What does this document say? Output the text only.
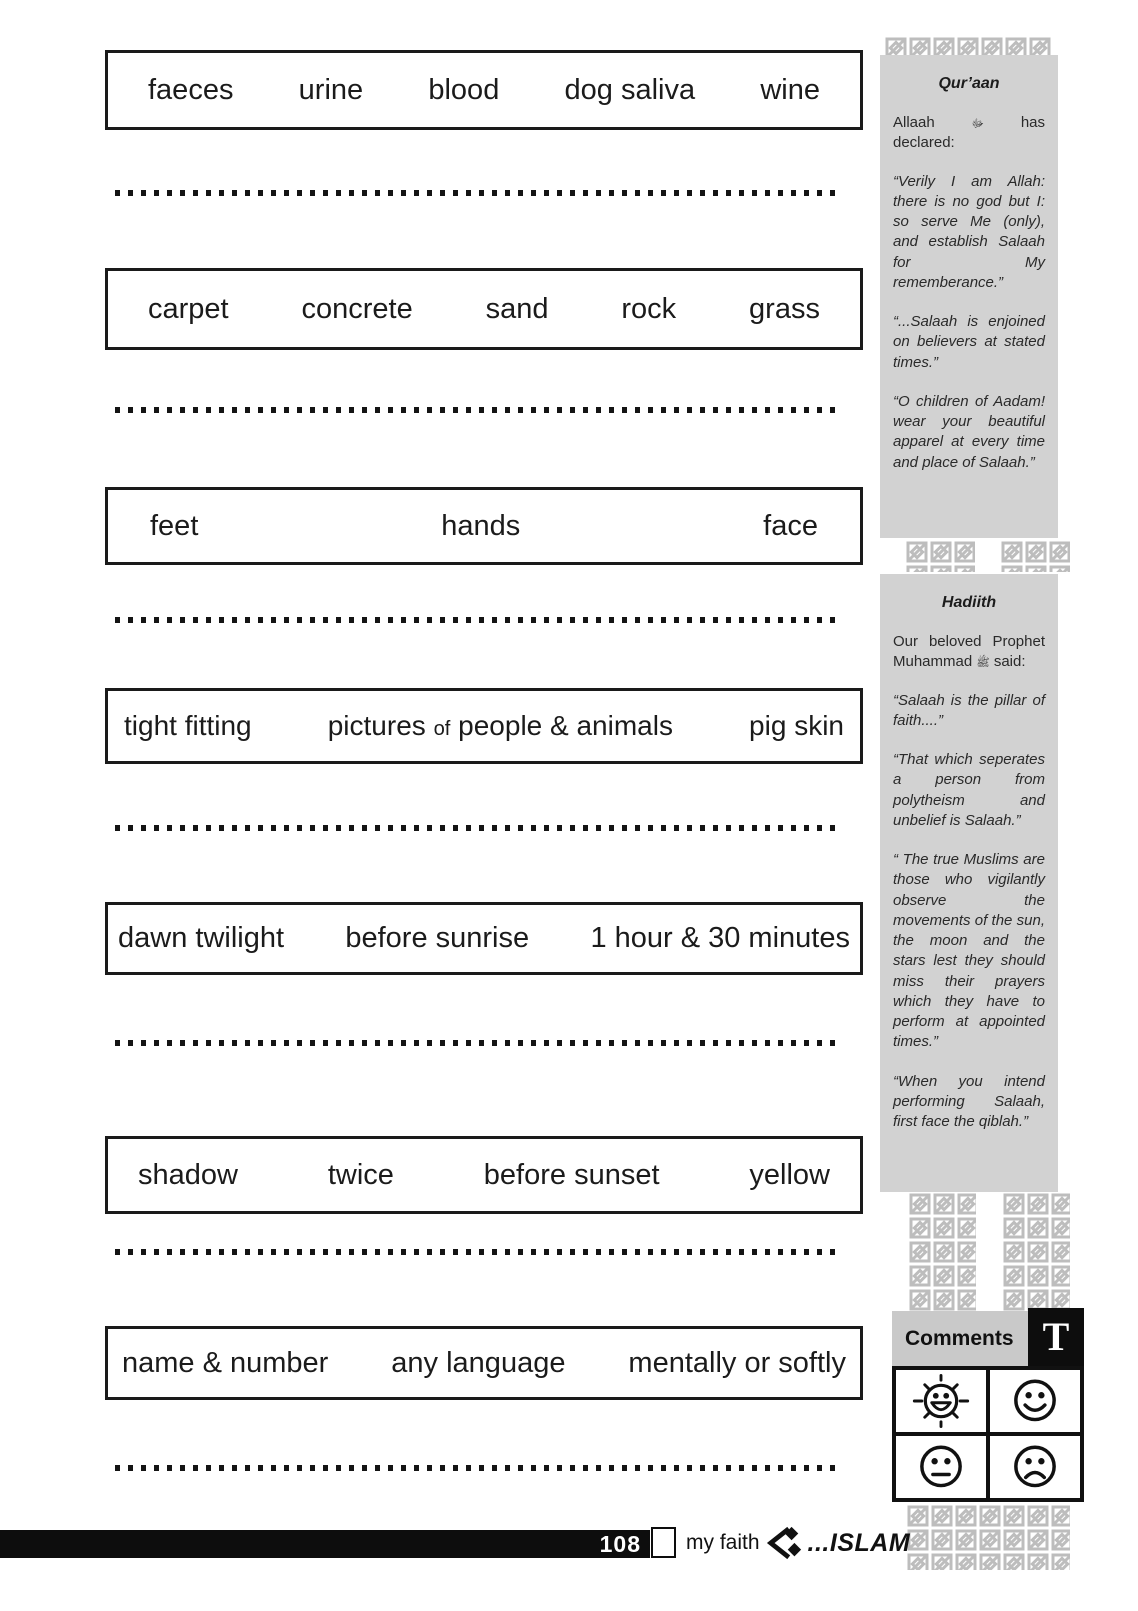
faeces urine blood dog saliva wine
carpet	concrete	sand	rock	grass
feet	hands	face
tight fitting	pictures of people & animals	pig skin
dawn twilight before sunrise 1 hour & 30 minutes
shadow	twice	before sunset	yellow
name & number any language mentally or softly
Qur’aan

Allaah	ﷻ has declared:

“Verily I am Allah: there is no god but I: so serve Me (only), and establish Salaah for My rememberance.”

“...Salaah is enjoined on believers at stated times.”

“O children of Aadam! wear your beautiful apparel at every time and place of Salaah.”

Hadiith

Our beloved Prophet Muhammad ﷺ said:

“Salaah is the pillar of faith....”

“That which seperates a person from polytheism and unbelief is Salaah.”

“ The true Muslims are those who vigilantly observe the movements of the sun, the moon and the stars lest they should miss their prayers which they have to perform at appointed times.”

“When you intend performing Salaah, first face the qiblah.”

Comments T
108 my faith ...ISLAM
